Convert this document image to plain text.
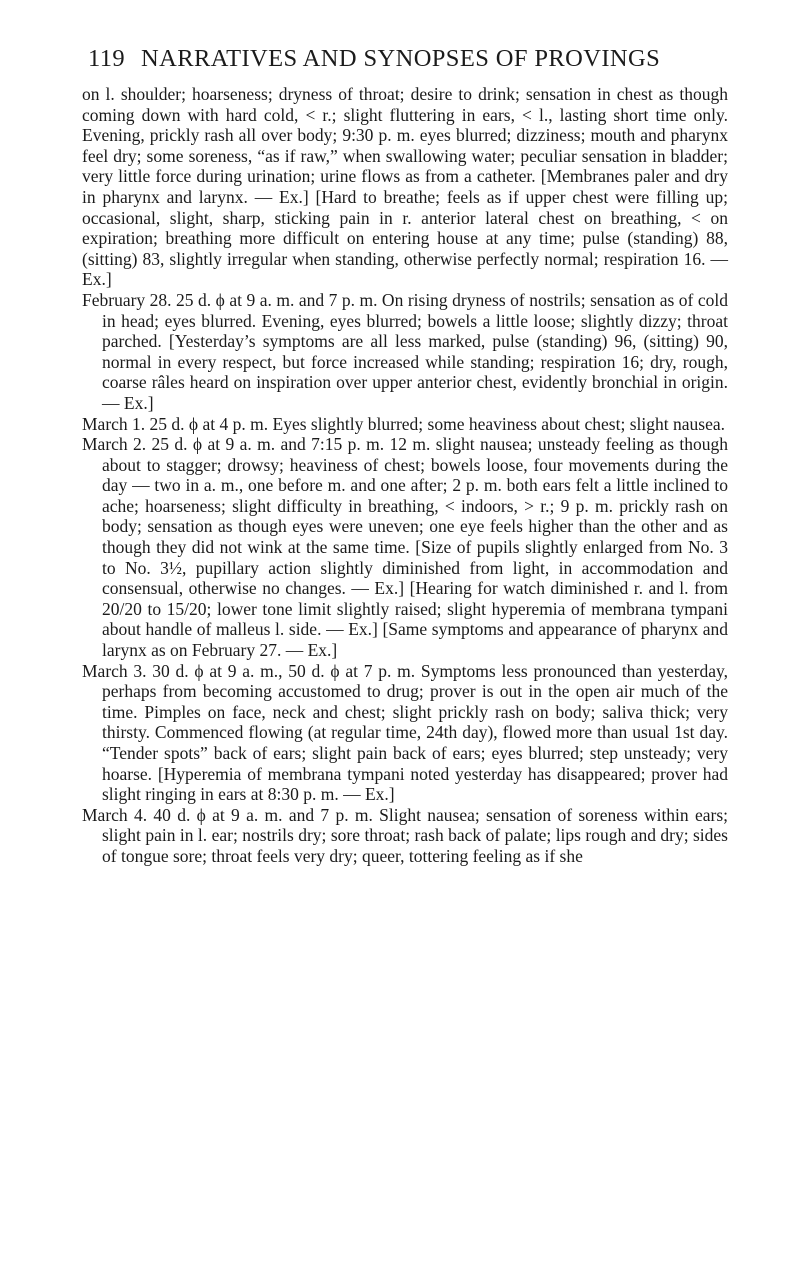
119 NARRATIVES AND SYNOPSES OF PROVINGS

on l. shoulder; hoarseness; dryness of throat; desire to drink; sensation in chest as though coming down with hard cold, < r.; slight fluttering in ears, < l., lasting short time only. Evening, prickly rash all over body; 9:30 p. m. eyes blurred; dizziness; mouth and pharynx feel dry; some soreness, “as if raw,” when swallowing water; peculiar sensation in bladder; very little force during urination; urine flows as from a catheter. [Membranes paler and dry in pharynx and larynx. — Ex.] [Hard to breathe; feels as if upper chest were filling up; occasional, slight, sharp, sticking pain in r. anterior lateral chest on breathing, < on expiration; breathing more difficult on entering house at any time; pulse (standing) 88, (sitting) 83, slightly irregular when standing, otherwise perfectly normal; respiration 16. — Ex.]

February 28. 25 d. ϕ at 9 a. m. and 7 p. m. On rising dryness of nostrils; sensation as of cold in head; eyes blurred. Evening, eyes blurred; bowels a little loose; slightly dizzy; throat parched. [Yesterday’s symptoms are all less marked, pulse (standing) 96, (sitting) 90, normal in every respect, but force increased while standing; respiration 16; dry, rough, coarse râles heard on inspiration over upper anterior chest, evidently bronchial in origin. — Ex.]

March 1. 25 d. ϕ at 4 p. m. Eyes slightly blurred; some heaviness about chest; slight nausea.

March 2. 25 d. ϕ at 9 a. m. and 7:15 p. m. 12 m. slight nausea; unsteady feeling as though about to stagger; drowsy; heaviness of chest; bowels loose, four movements during the day — two in a. m., one before m. and one after; 2 p. m. both ears felt a little inclined to ache; hoarseness; slight difficulty in breathing, < indoors, > r.; 9 p. m. prickly rash on body; sensation as though eyes were uneven; one eye feels higher than the other and as though they did not wink at the same time. [Size of pupils slightly enlarged from No. 3 to No. 3½, pupillary action slightly diminished from light, in accommodation and consensual, otherwise no changes. — Ex.] [Hearing for watch diminished r. and l. from 20/20 to 15/20; lower tone limit slightly raised; slight hyperemia of membrana tympani about handle of malleus l. side. — Ex.] [Same symptoms and appearance of pharynx and larynx as on February 27. — Ex.]

March 3. 30 d. ϕ at 9 a. m., 50 d. ϕ at 7 p. m. Symptoms less pronounced than yesterday, perhaps from becoming accustomed to drug; prover is out in the open air much of the time. Pimples on face, neck and chest; slight prickly rash on body; saliva thick; very thirsty. Commenced flowing (at regular time, 24th day), flowed more than usual 1st day. “Tender spots” back of ears; slight pain back of ears; eyes blurred; step unsteady; very hoarse. [Hyperemia of membrana tympani noted yesterday has disappeared; prover had slight ringing in ears at 8:30 p. m. — Ex.]

March 4. 40 d. ϕ at 9 a. m. and 7 p. m. Slight nausea; sensation of soreness within ears; slight pain in l. ear; nostrils dry; sore throat; rash back of palate; lips rough and dry; sides of tongue sore; throat feels very dry; queer, tottering feeling as if she
